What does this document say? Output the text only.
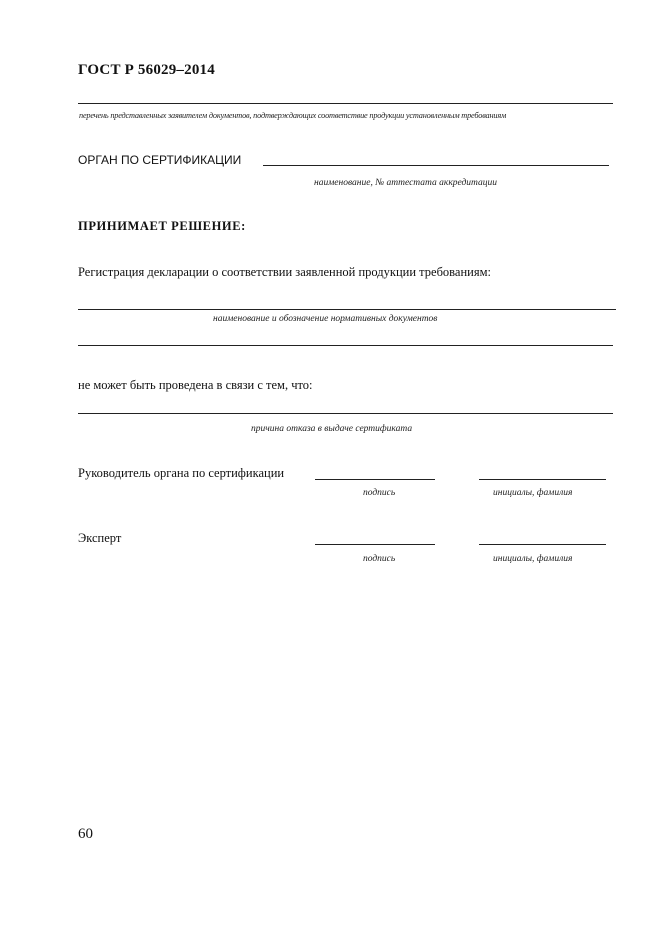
ГОСТ Р 56029–2014
перечень представленных заявителем документов, подтверждающих соответствие продукции установленным требованиям
ОРГАН ПО СЕРТИФИКАЦИИ
наименование, № аттестата аккредитации
ПРИНИМАЕТ РЕШЕНИЕ:
Регистрация декларации о соответствии заявленной продукции требованиям:
наименование и обозначение нормативных документов
не может быть проведена в связи с тем, что:
причина отказа в выдаче сертификата
Руководитель органа по сертификации
подпись	инициалы, фамилия
Эксперт
подпись	инициалы, фамилия
60
